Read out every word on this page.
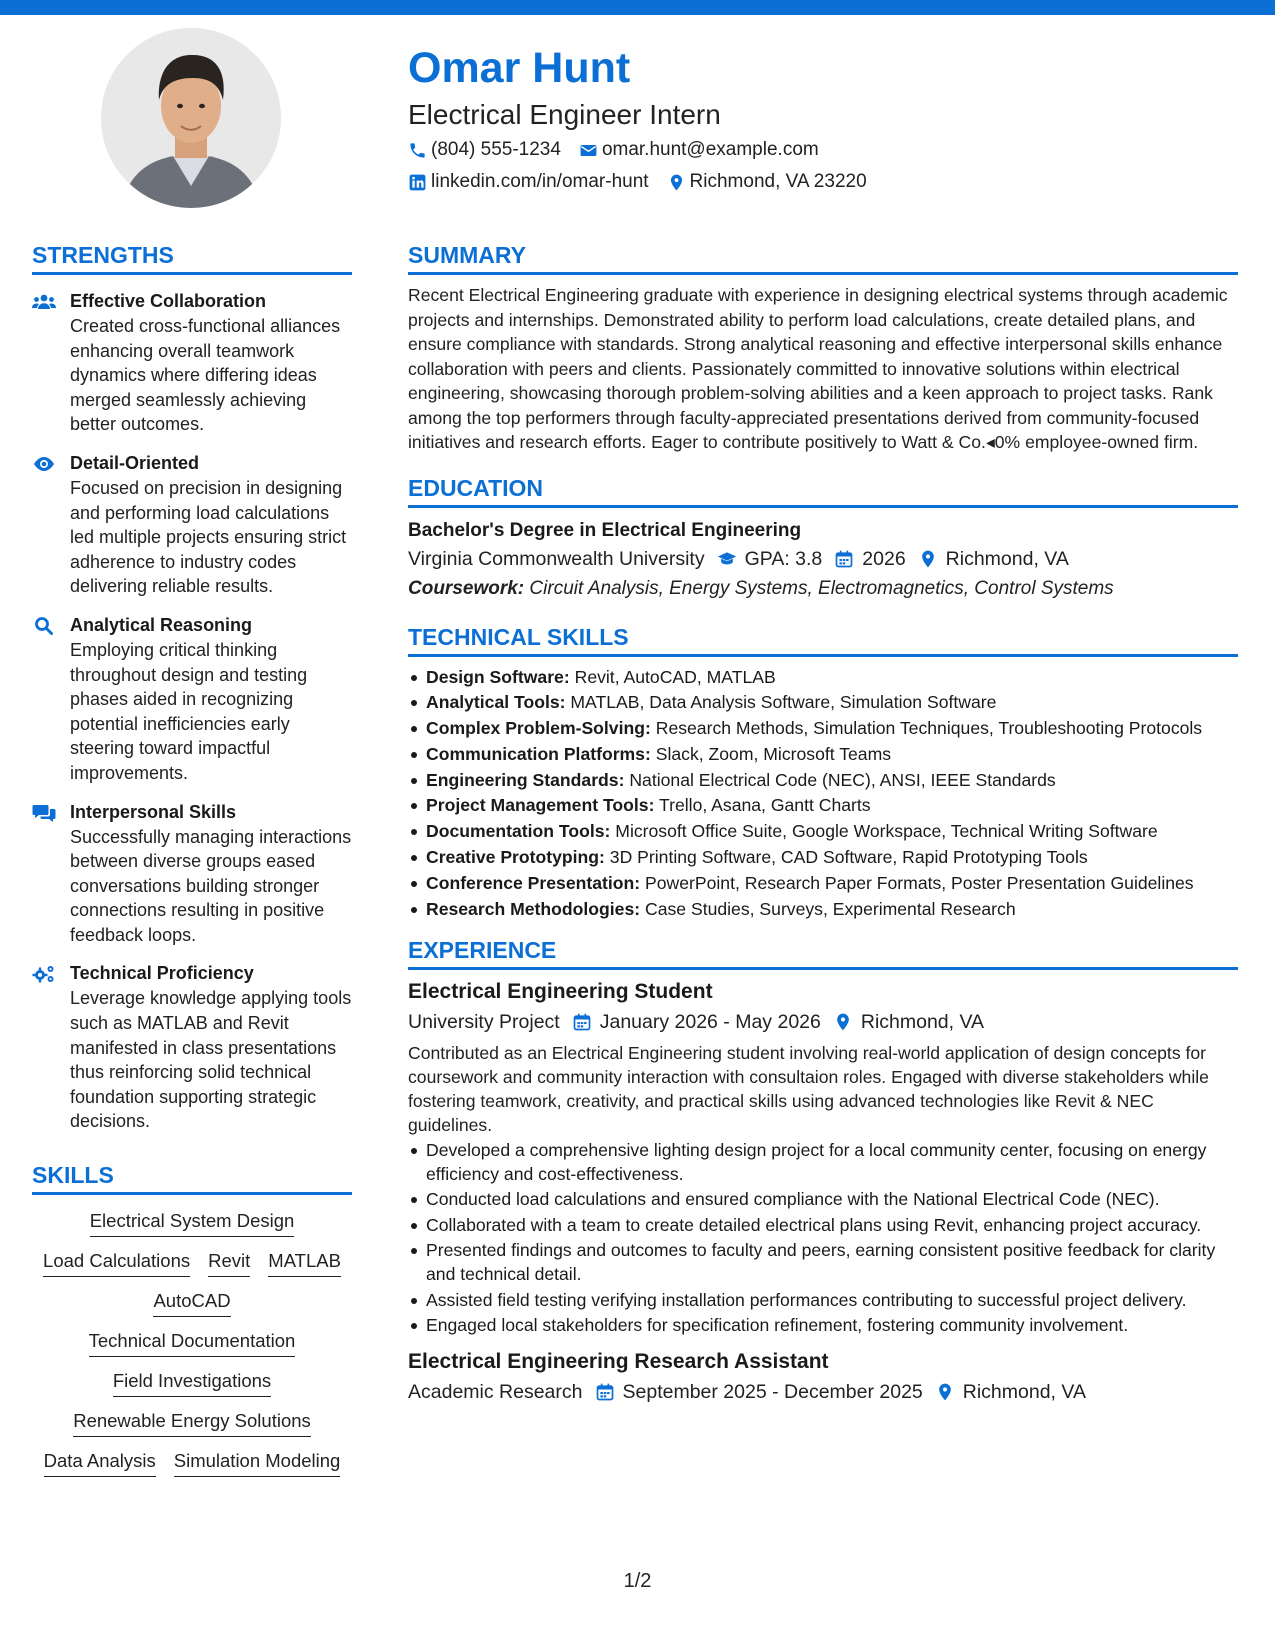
Omar Hunt
Electrical Engineer Intern
(804) 555-1234 omar.hunt@example.com
linkedin.com/in/omar-hunt Richmond, VA 23220
STRENGTHS
Effective Collaboration
Created cross-functional alliances enhancing overall teamwork dynamics where differing ideas merged seamlessly achieving better outcomes.
Detail-Oriented
Focused on precision in designing and performing load calculations led multiple projects ensuring strict adherence to industry codes delivering reliable results.
Analytical Reasoning
Employing critical thinking throughout design and testing phases aided in recognizing potential inefficiencies early steering toward impactful improvements.
Interpersonal Skills
Successfully managing interactions between diverse groups eased conversations building stronger connections resulting in positive feedback loops.
Technical Proficiency
Leverage knowledge applying tools such as MATLAB and Revit manifested in class presentations thus reinforcing solid technical foundation supporting strategic decisions.
SKILLS
Electrical System Design
Load Calculations Revit MATLAB
AutoCAD
Technical Documentation
Field Investigations
Renewable Energy Solutions
Data Analysis Simulation Modeling
SUMMARY
Recent Electrical Engineering graduate with experience in designing electrical systems through academic projects and internships. Demonstrated ability to perform load calculations, create detailed plans, and ensure compliance with standards. Strong analytical reasoning and effective interpersonal skills enhance collaboration with peers and clients. Passionately committed to innovative solutions within electrical engineering, showcasing thorough problem-solving abilities and a keen approach to project tasks. Rank among the top performers through faculty-appreciated presentations derived from community-focused initiatives and research efforts. Eager to contribute positively to Watt & Co.◂0% employee-owned firm.
EDUCATION
Bachelor's Degree in Electrical Engineering
Virginia Commonwealth University GPA: 3.8 2026 Richmond, VA
Coursework: Circuit Analysis, Energy Systems, Electromagnetics, Control Systems
TECHNICAL SKILLS
Design Software: Revit, AutoCAD, MATLAB
Analytical Tools: MATLAB, Data Analysis Software, Simulation Software
Complex Problem-Solving: Research Methods, Simulation Techniques, Troubleshooting Protocols
Communication Platforms: Slack, Zoom, Microsoft Teams
Engineering Standards: National Electrical Code (NEC), ANSI, IEEE Standards
Project Management Tools: Trello, Asana, Gantt Charts
Documentation Tools: Microsoft Office Suite, Google Workspace, Technical Writing Software
Creative Prototyping: 3D Printing Software, CAD Software, Rapid Prototyping Tools
Conference Presentation: PowerPoint, Research Paper Formats, Poster Presentation Guidelines
Research Methodologies: Case Studies, Surveys, Experimental Research
EXPERIENCE
Electrical Engineering Student
University Project January 2026 - May 2026 Richmond, VA
Contributed as an Electrical Engineering student involving real-world application of design concepts for coursework and community interaction with consultaion roles. Engaged with diverse stakeholders while fostering teamwork, creativity, and practical skills using advanced technologies like Revit & NEC guidelines.
Developed a comprehensive lighting design project for a local community center, focusing on energy efficiency and cost-effectiveness.
Conducted load calculations and ensured compliance with the National Electrical Code (NEC).
Collaborated with a team to create detailed electrical plans using Revit, enhancing project accuracy.
Presented findings and outcomes to faculty and peers, earning consistent positive feedback for clarity and technical detail.
Assisted field testing verifying installation performances contributing to successful project delivery.
Engaged local stakeholders for specification refinement, fostering community involvement.
Electrical Engineering Research Assistant
Academic Research September 2025 - December 2025 Richmond, VA
1/2
